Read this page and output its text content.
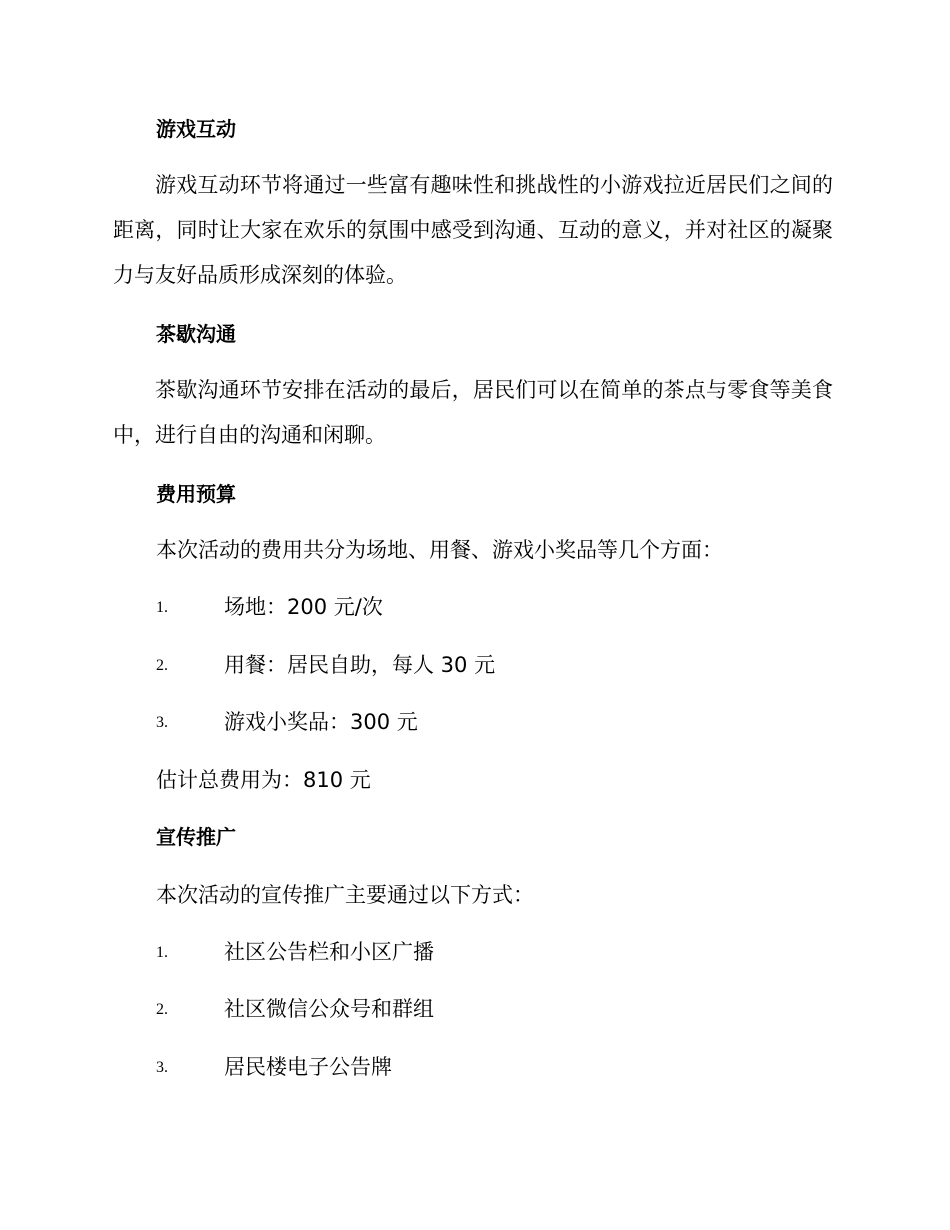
游戏互动
游戏互动环节将通过一些富有趣味性和挑战性的小游戏拉近居民们之间的距离，同时让大家在欢乐的氛围中感受到沟通、互动的意义，并对社区的凝聚力与友好品质形成深刻的体验。
茶歇沟通
茶歇沟通环节安排在活动的最后，居民们可以在简单的茶点与零食等美食中，进行自由的沟通和闲聊。
费用预算
本次活动的费用共分为场地、用餐、游戏小奖品等几个方面：
1.	场地：200 元/次
2.	用餐：居民自助，每人 30 元
3.	游戏小奖品：300 元
估计总费用为：810 元
宣传推广
本次活动的宣传推广主要通过以下方式：
1.	社区公告栏和小区广播
2.	社区微信公众号和群组
3.	居民楼电子公告牌
